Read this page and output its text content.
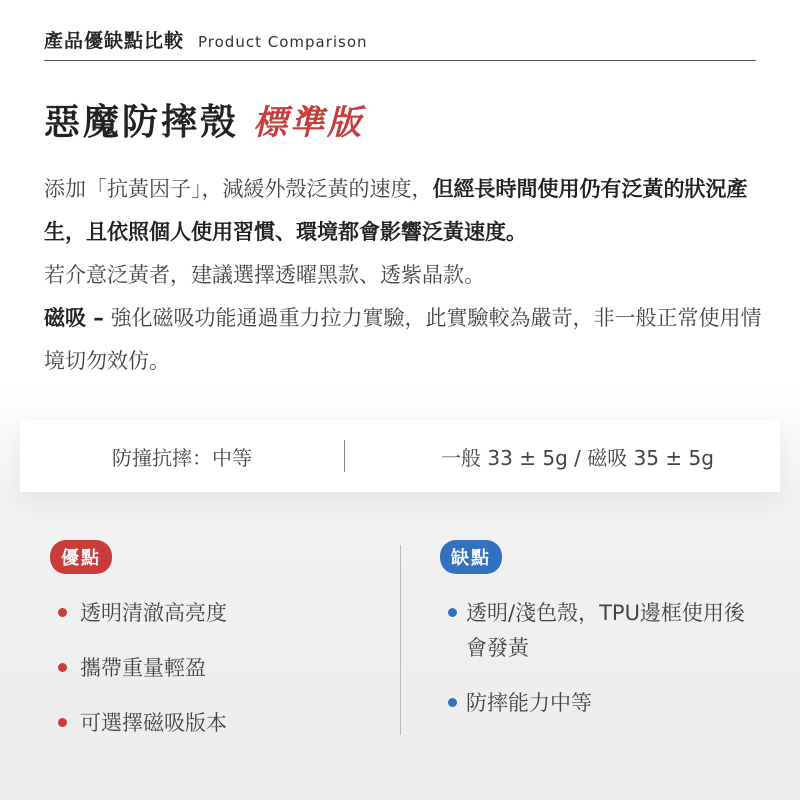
產品優缺點比較 Product Comparison
惡魔防摔殼 標準版

添加「抗黃因子」，減緩外殼泛黃的速度，但經長時間使用仍有泛黃的狀況產生，且依照個人使用習慣、環境都會影響泛黃速度。

若介意泛黃者，建議選擇透曜黑款、透紫晶款。

磁吸 – 強化磁吸功能通過重力拉力實驗，此實驗較為嚴苛，非一般正常使用情境切勿效仿。

防撞抗摔：中等	一般 33 ± 5g / 磁吸 35 ± 5g
優點
透明清澈高亮度
攜帶重量輕盈
可選擇磁吸版本
缺點
透明/淺色殼，TPU邊框使用後會發黃
防摔能力中等
